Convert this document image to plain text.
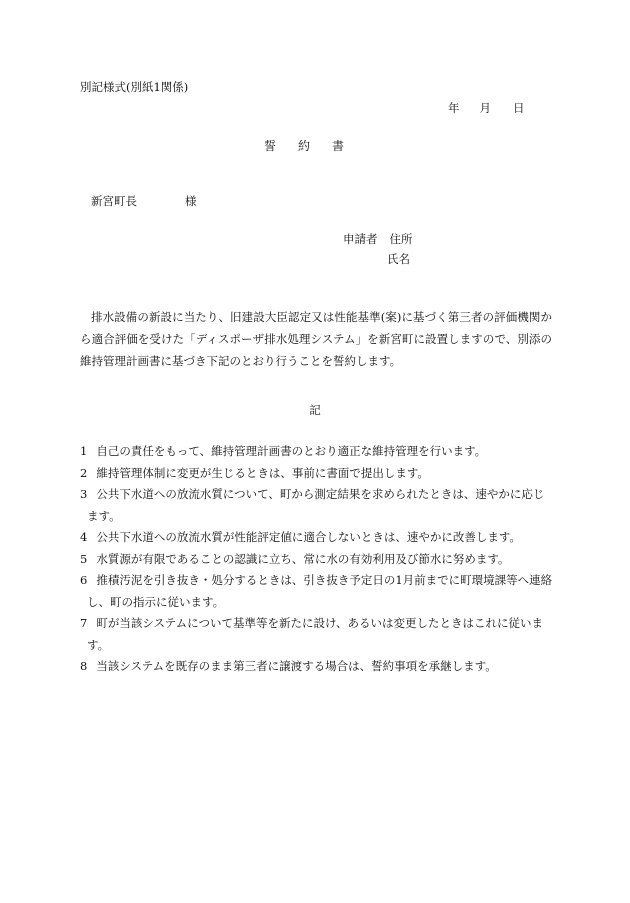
別記様式(別紙1関係)
年 月 日
誓約書
新宮町長	様
申請者 住所
氏名
排水設備の新設に当たり、旧建設大臣認定又は性能基準(案)に基づく第三者の評価機関から適合評価を受けた「ディスポーザ排水処理システム」を新宮町に設置しますので、別添の維持管理計画書に基づき下記のとおり行うことを誓約します。
記
1 自己の責任をもって、維持管理計画書のとおり適正な維持管理を行います。
2 維持管理体制に変更が生じるときは、事前に書面で提出します。
3 公共下水道への放流水質について、町から測定結果を求められたときは、速やかに応じます。
4 公共下水道への放流水質が性能評定値に適合しないときは、速やかに改善します。
5 水質源が有限であることの認識に立ち、常に水の有効利用及び節水に努めます。
6 推積汚泥を引き抜き・処分するときは、引き抜き予定日の1月前までに町環境課等へ連絡し、町の指示に従います。
7 町が当該システムについて基準等を新たに設け、あるいは変更したときはこれに従います。
8 当該システムを既存のまま第三者に譲渡する場合は、誓約事項を承継します。
